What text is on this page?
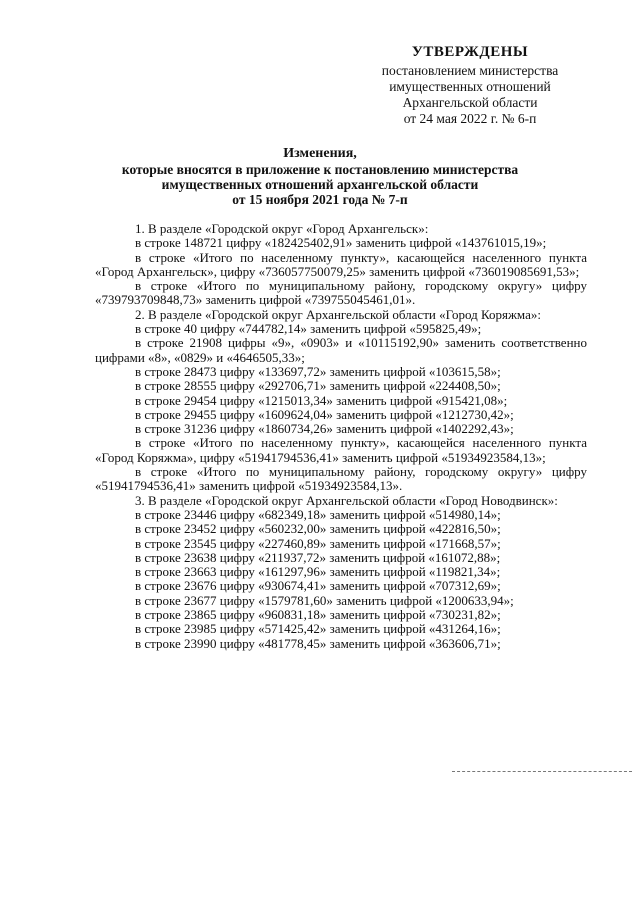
УТВЕРЖДЕНЫ
постановлением министерства
имущественных отношений
Архангельской области
от 24 мая 2022 г. № 6-п
Изменения,
которые вносятся в приложение к постановлению министерства
имущественных отношений архангельской области
от 15 ноября 2021 года № 7-п

1. В разделе «Городской округ «Город Архангельск»:

в строке 148721 цифру «182425402,91» заменить цифрой «143761015,19»;

в строке «Итого по населенному пункту», касающейся населенного пункта «Город Архангельск», цифру «736057750079,25» заменить цифрой «736019085691,53»;

в строке «Итого по муниципальному району, городскому округу» цифру «739793709848,73» заменить цифрой «739755045461,01».

2. В разделе «Городской округ Архангельской области «Город Коряжма»:

в строке 40 цифру «744782,14» заменить цифрой «595825,49»;

в строке 21908 цифры «9», «0903» и «10115192,90» заменить соответственно цифрами «8», «0829» и «4646505,33»;

в строке 28473 цифру «133697,72» заменить цифрой «103615,58»;

в строке 28555 цифру «292706,71» заменить цифрой «224408,50»;

в строке 29454 цифру «1215013,34» заменить цифрой «915421,08»;

в строке 29455 цифру «1609624,04» заменить цифрой «1212730,42»;

в строке 31236 цифру «1860734,26» заменить цифрой «1402292,43»;

в строке «Итого по населенному пункту», касающейся населенного пункта «Город Коряжма», цифру «51941794536,41» заменить цифрой «51934923584,13»;

в строке «Итого по муниципальному району, городскому округу» цифру «51941794536,41» заменить цифрой «51934923584,13».

3. В разделе «Городской округ Архангельской области «Город Новодвинск»:

в строке 23446 цифру «682349,18» заменить цифрой «514980,14»;

в строке 23452 цифру «560232,00» заменить цифрой «422816,50»;

в строке 23545 цифру «227460,89» заменить цифрой «171668,57»;

в строке 23638 цифру «211937,72» заменить цифрой «161072,88»;

в строке 23663 цифру «161297,96» заменить цифрой «119821,34»;

в строке 23676 цифру «930674,41» заменить цифрой «707312,69»;

в строке 23677 цифру «1579781,60» заменить цифрой «1200633,94»;

в строке 23865 цифру «960831,18» заменить цифрой «730231,82»;

в строке 23985 цифру «571425,42» заменить цифрой «431264,16»;

в строке 23990 цифру «481778,45» заменить цифрой «363606,71»;
